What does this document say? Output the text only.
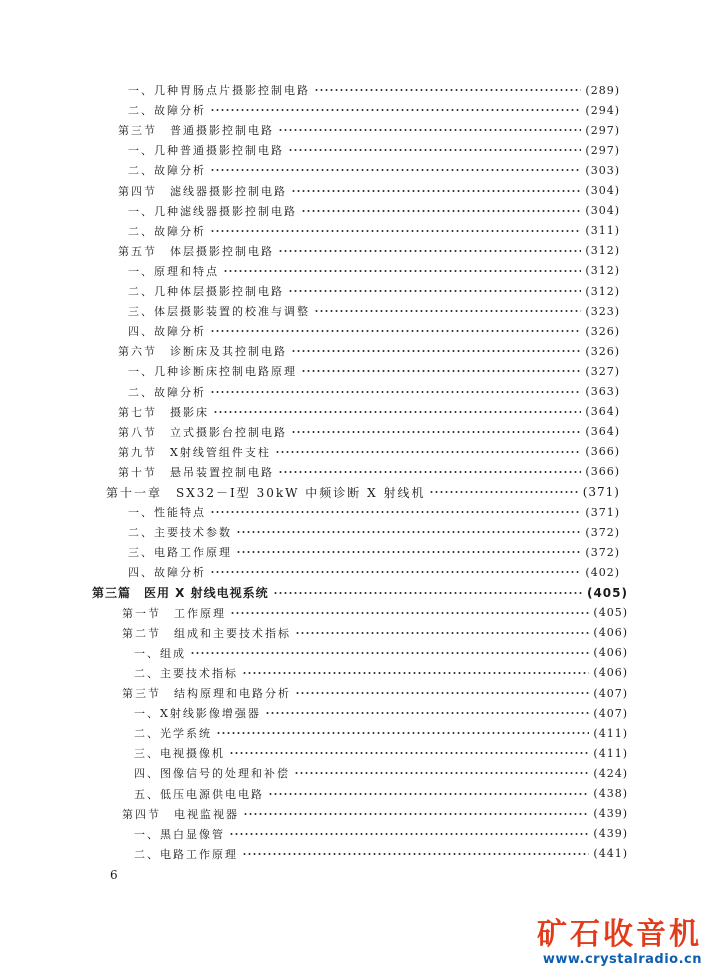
一、几种胃肠点片摄影控制电路	(289)
二、故障分析	(294)
第三节　普通摄影控制电路	(297)
一、几种普通摄影控制电路	(297)
二、故障分析	(303)
第四节　滤线器摄影控制电路	(304)
一、几种滤线器摄影控制电路	(304)
二、故障分析	(311)
第五节　体层摄影控制电路	(312)
一、原理和特点	(312)
二、几种体层摄影控制电路	(312)
三、体层摄影装置的校准与调整	(323)
四、故障分析	(326)
第六节　诊断床及其控制电路	(326)
一、几种诊断床控制电路原理	(327)
二、故障分析	(363)
第七节　摄影床	(364)
第八节　立式摄影台控制电路	(364)
第九节　X射线管组件支柱	(366)
第十节　悬吊装置控制电路	(366)
第十一章　SX32－I型 30kW 中频诊断 X 射线机	(371)
一、性能特点	(371)
二、主要技术参数	(372)
三、电路工作原理	(372)
四、故障分析	(402)
第三篇　医用 X 射线电视系统	(405)
第一节　工作原理	(405)
第二节　组成和主要技术指标	(406)
一、组成	(406)
二、主要技术指标	(406)
第三节　结构原理和电路分析	(407)
一、X射线影像增强器	(407)
二、光学系统	(411)
三、电视摄像机	(411)
四、图像信号的处理和补偿	(424)
五、低压电源供电电路	(438)
第四节　电视监视器	(439)
一、黑白显像管	(439)
二、电路工作原理	(441)
6
矿石收音机
www.crystalradio.cn
